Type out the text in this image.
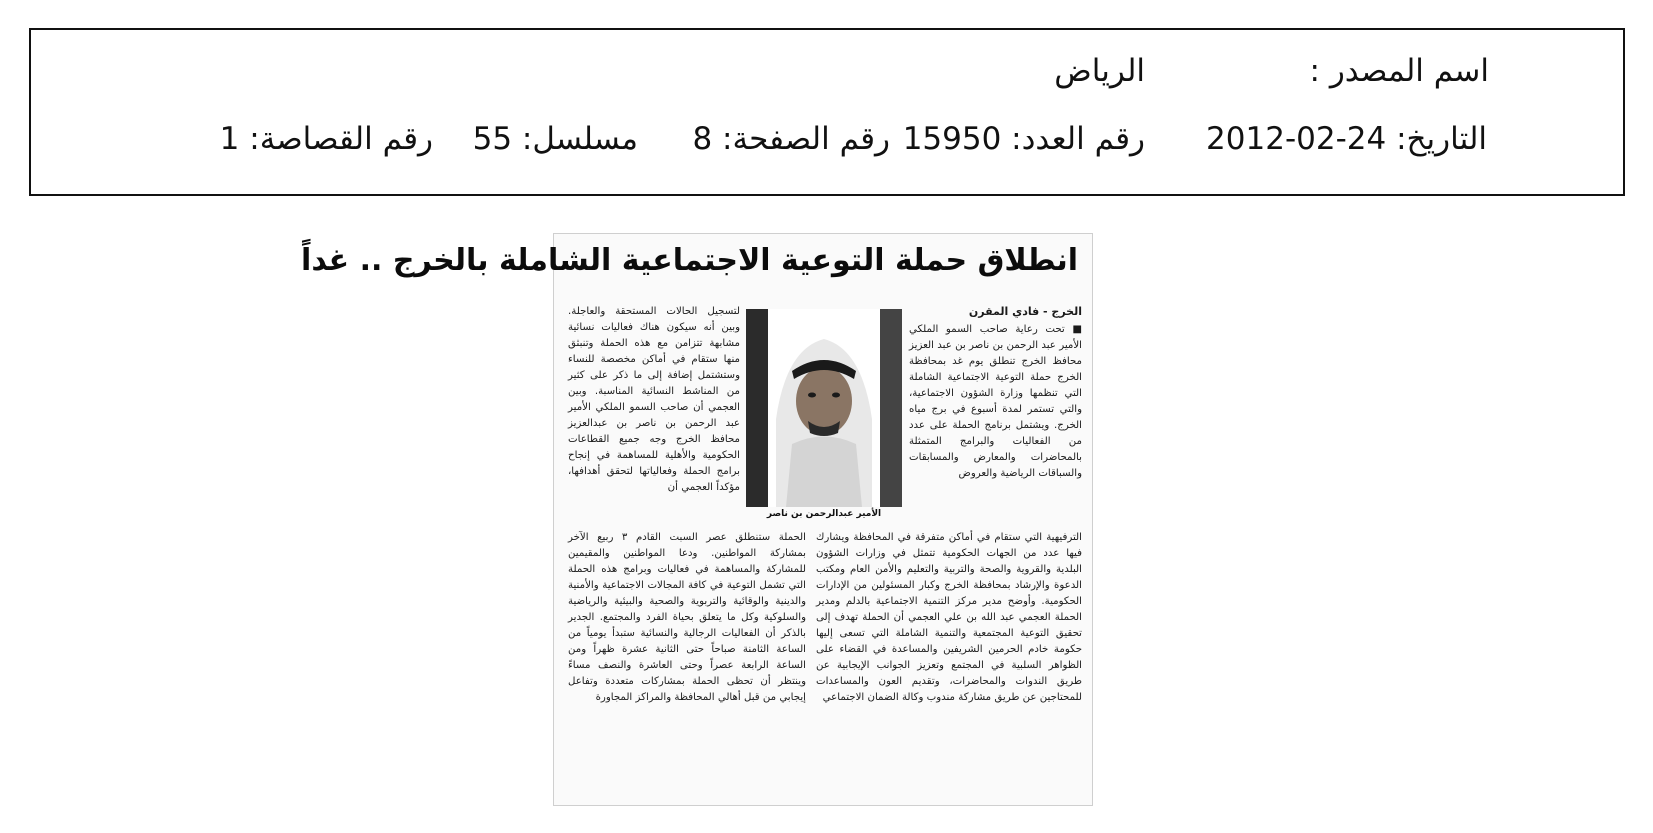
اسم المصدر :
الرياض
التاريخ: 24-02-2012
رقم العدد: 15950
رقم الصفحة: 8
مسلسل: 55
رقم القصاصة: 1
انطلاق حملة التوعية الاجتماعية الشاملة بالخرج .. غداً
الخرج - فادي المقرن

■ تحت رعاية صاحب السمو الملكي الأمير عبد الرحمن بن ناصر بن عبد العزيز محافظ الخرج تنطلق يوم غد بمحافظة الخرج حملة التوعية الاجتماعية الشاملة التي تنظمها وزارة الشؤون الاجتماعية، والتي تستمر لمدة أسبوع في برج مياه الخرج. ويشتمل برنامج الحملة على عدد من الفعاليات والبرامج المتمثلة بالمحاضرات والمعارض والمسابقات والسباقات الرياضية والعروض

الأمير عبدالرحمن بن ناصر

الترفيهية التي ستقام في أماكن متفرقة في المحافظة ويشارك فيها عدد من الجهات الحكومية تتمثل في وزارات الشؤون البلدية والقروية والصحة والتربية والتعليم والأمن العام ومكتب الدعوة والإرشاد بمحافظة الخرج وكبار المسئولين من الإدارات الحكومية. وأوضح مدير مركز التنمية الاجتماعية بالدلم ومدير الحملة العجمي عبد الله بن علي العجمي أن الحملة تهدف إلى تحقيق التوعية المجتمعية والتنمية الشاملة التي تسعى إليها حكومة خادم الحرمين الشريفين والمساعدة في القضاء على الظواهر السلبية في المجتمع وتعزيز الجوانب الإيجابية عن طريق الندوات والمحاضرات، وتقديم العون والمساعدات للمحتاجين عن طريق مشاركة مندوب وكالة الضمان الاجتماعي

لتسجيل الحالات المستحقة والعاجلة. وبين أنه سيكون هناك فعاليات نسائية مشابهة تتزامن مع هذه الحملة وتنبثق منها ستقام في أماكن مخصصة للنساء وستشتمل إضافة إلى ما ذكر على كثير من المناشط النسائية المناسبة. وبين العجمي أن صاحب السمو الملكي الأمير عبد الرحمن بن ناصر بن عبدالعزيز محافظ الخرج وجه جميع القطاعات الحكومية والأهلية للمساهمة في إنجاح برامج الحملة وفعالياتها لتحقق أهدافها، مؤكداً العجمي أن

الحملة ستنطلق عصر السبت القادم ٣ ربيع الآخر بمشاركة المواطنين. ودعا المواطنين والمقيمين للمشاركة والمساهمة في فعاليات وبرامج هذه الحملة التي تشمل التوعية في كافة المجالات الاجتماعية والأمنية والدينية والوقائية والتربوية والصحية والبيئية والرياضية والسلوكية وكل ما يتعلق بحياة الفرد والمجتمع. الجدير بالذكر أن الفعاليات الرجالية والنسائية ستبدأ يومياً من الساعة الثامنة صباحاً حتى الثانية عشرة ظهراً ومن الساعة الرابعة عصراً وحتى العاشرة والنصف مساءً وينتظر أن تحظى الحملة بمشاركات متعددة وتفاعل إيجابي من قبل أهالي المحافظة والمراكز المجاورة
